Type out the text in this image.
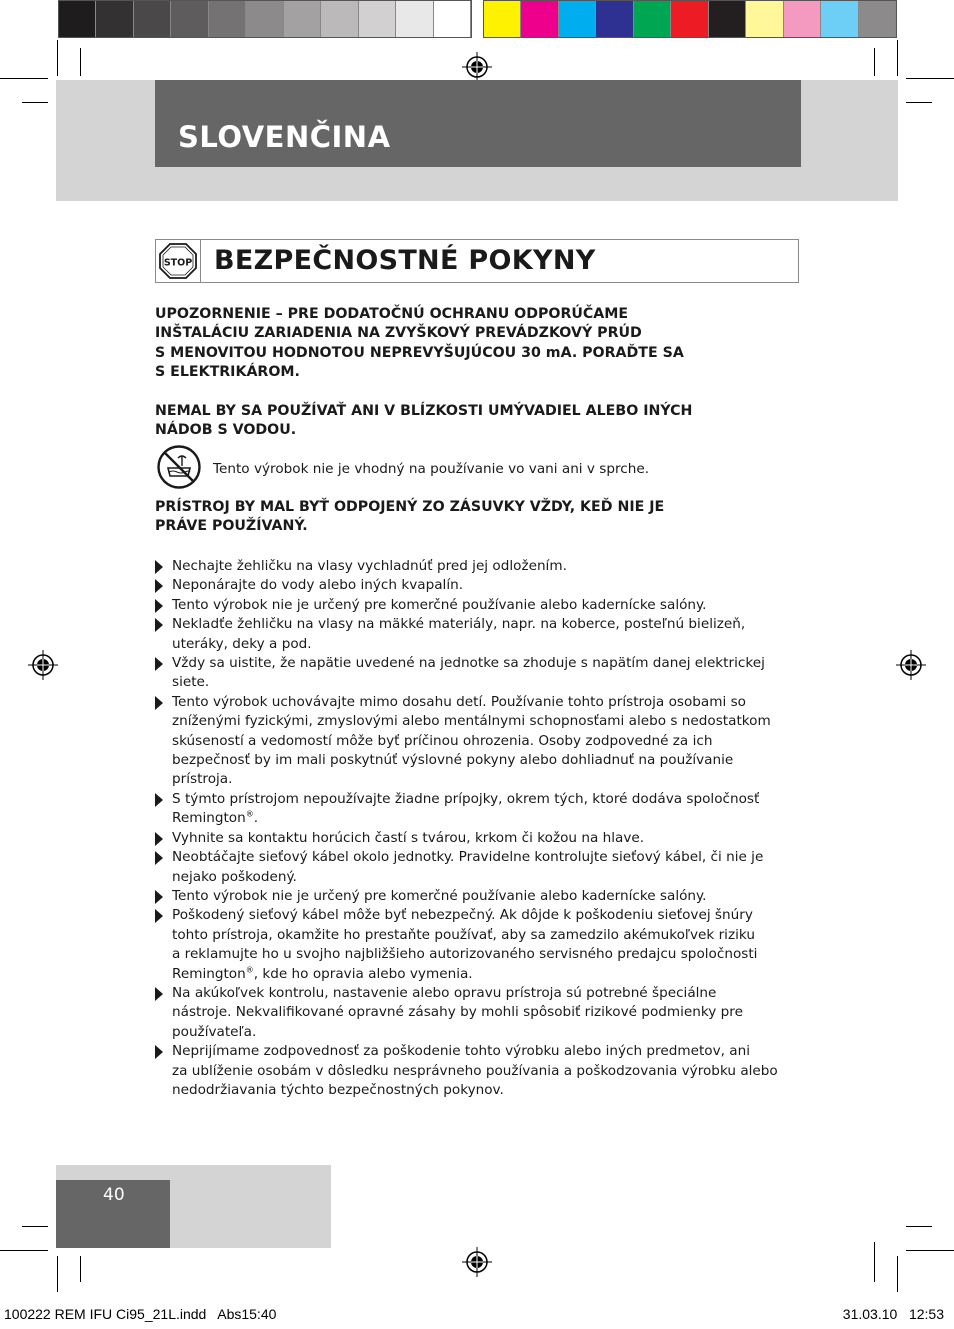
SLOVENČINA
STOP BEZPEČNOSTNÉ POKYNY
UPOZORNENIE – PRE DODATOČNÚ OCHRANU ODPORÚČAME
INŠTALÁCIU ZARIADENIA NA ZVYŠKOVÝ PREVÁDZKOVÝ PRÚD
S MENOVITOU HODNOTOU NEPREVYŠUJÚCOU 30 mA. PORAĎTE SA
S ELEKTRIKÁROM.
NEMAL BY SA POUŽÍVAŤ ANI V BLÍZKOSTI UMÝVADIEL ALEBO INÝCH
NÁDOB S VODOU.
Tento výrobok nie je vhodný na používanie vo vani ani v sprche.
PRÍSTROJ BY MAL BYŤ ODPOJENÝ ZO ZÁSUVKY VŽDY, KEĎ NIE JE
PRÁVE POUŽÍVANÝ.
Nechajte žehličku na vlasy vychladnúť pred jej odložením.
Neponárajte do vody alebo iných kvapalín.
Tento výrobok nie je určený pre komerčné používanie alebo kadernícke salóny.
Nekladťe žehličku na vlasy na mäkké materiály, napr. na koberce, posteľnú bielizeň,
uteráky, deky a pod.
Vždy sa uistite, že napätie uvedené na jednotke sa zhoduje s napätím danej elektrickej
siete.
Tento výrobok uchovávajte mimo dosahu detí. Používanie tohto prístroja osobami so
zníženými fyzickými, zmyslovými alebo mentálnymi schopnosťami alebo s nedostatkom
skúseností a vedomostí môže byť príčinou ohrozenia. Osoby zodpovedné za ich
bezpečnosť by im mali poskytnúť výslovné pokyny alebo dohliadnuť na používanie
prístroja.
S týmto prístrojom nepoužívajte žiadne prípojky, okrem tých, ktoré dodáva spoločnosť
Remington®.
Vyhnite sa kontaktu horúcich častí s tvárou, krkom či kožou na hlave.
Neobtáčajte sieťový kábel okolo jednotky. Pravidelne kontrolujte sieťový kábel, či nie je
nejako poškodený.
Tento výrobok nie je určený pre komerčné používanie alebo kadernícke salóny.
Poškodený sieťový kábel môže byť nebezpečný. Ak dôjde k poškodeniu sieťovej šnúry
tohto prístroja, okamžite ho prestaňte používať, aby sa zamedzilo akémukoľvek riziku
a reklamujte ho u svojho najbližšieho autorizovaného servisného predajcu spoločnosti
Remington®, kde ho opravia alebo vymenia.
Na akúkoľvek kontrolu, nastavenie alebo opravu prístroja sú potrebné špeciálne
nástroje. Nekvalifikované opravné zásahy by mohli spôsobiť rizikové podmienky pre
používateľa.
Neprijímame zodpovednosť za poškodenie tohto výrobku alebo iných predmetov, ani
za ublíženie osobám v dôsledku nesprávneho používania a poškodzovania výrobku alebo
nedodržiavania týchto bezpečnostných pokynov.
40
100222 REM IFU Ci95_21L.indd   Abs15:40	31.03.10   12:53
